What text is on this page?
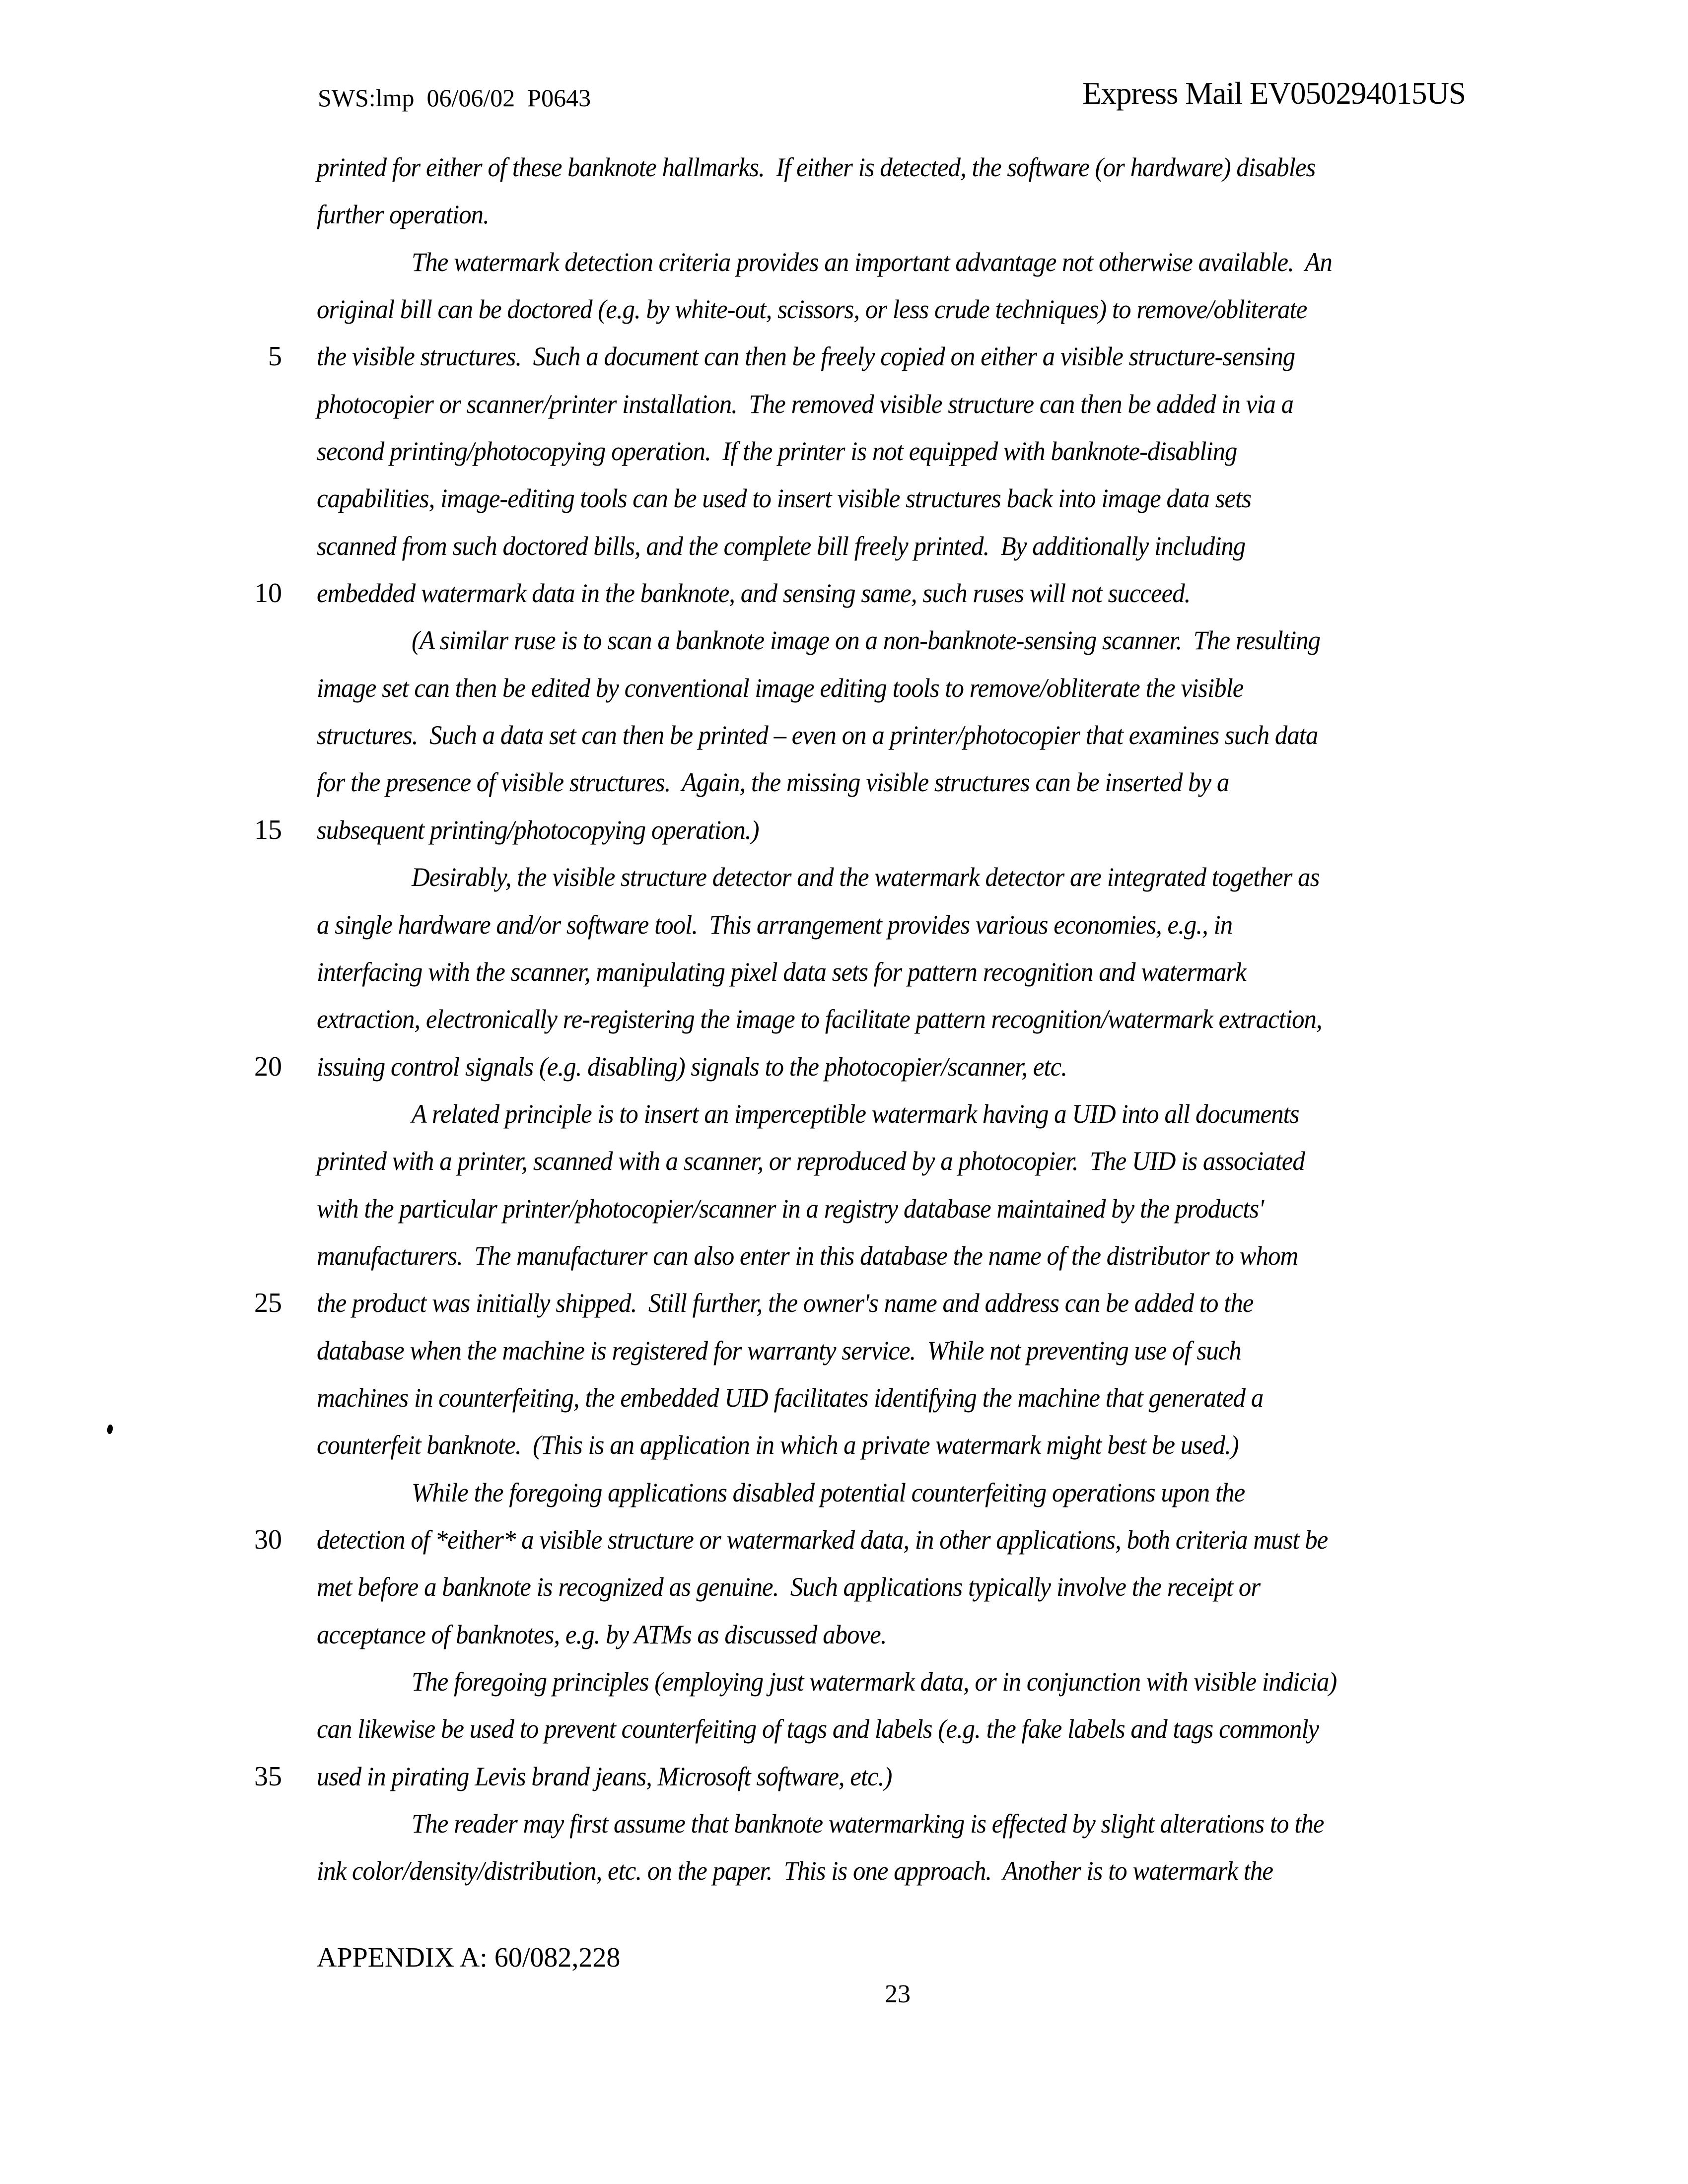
SWS:lmp  06/06/02  P0643	Express Mail EV050294015US
printed for either of these banknote hallmarks.  If either is detected, the software (or hardware) disables
further operation.
The watermark detection criteria provides an important advantage not otherwise available.  An
original bill can be doctored (e.g. by white-out, scissors, or less crude techniques) to remove/obliterate
5 the visible structures.  Such a document can then be freely copied on either a visible structure-sensing
photocopier or scanner/printer installation.  The removed visible structure can then be added in via a
second printing/photocopying operation.  If the printer is not equipped with banknote-disabling
capabilities, image-editing tools can be used to insert visible structures back into image data sets
scanned from such doctored bills, and the complete bill freely printed.  By additionally including
10 embedded watermark data in the banknote, and sensing same, such ruses will not succeed.
(A similar ruse is to scan a banknote image on a non-banknote-sensing scanner.  The resulting
image set can then be edited by conventional image editing tools to remove/obliterate the visible
structures.  Such a data set can then be printed – even on a printer/photocopier that examines such data
for the presence of visible structures.  Again, the missing visible structures can be inserted by a
15 subsequent printing/photocopying operation.)
Desirably, the visible structure detector and the watermark detector are integrated together as
a single hardware and/or software tool.  This arrangement provides various economies, e.g., in
interfacing with the scanner, manipulating pixel data sets for pattern recognition and watermark
extraction, electronically re-registering the image to facilitate pattern recognition/watermark extraction,
20 issuing control signals (e.g. disabling) signals to the photocopier/scanner, etc.
A related principle is to insert an imperceptible watermark having a UID into all documents
printed with a printer, scanned with a scanner, or reproduced by a photocopier.  The UID is associated
with the particular printer/photocopier/scanner in a registry database maintained by the products'
manufacturers.  The manufacturer can also enter in this database the name of the distributor to whom
25 the product was initially shipped.  Still further, the owner's name and address can be added to the
database when the machine is registered for warranty service.  While not preventing use of such
machines in counterfeiting, the embedded UID facilitates identifying the machine that generated a
counterfeit banknote.  (This is an application in which a private watermark might best be used.)
While the foregoing applications disabled potential counterfeiting operations upon the
30 detection of *either* a visible structure or watermarked data, in other applications, both criteria must be
met before a banknote is recognized as genuine.  Such applications typically involve the receipt or
acceptance of banknotes, e.g. by ATMs as discussed above.
The foregoing principles (employing just watermark data, or in conjunction with visible indicia)
can likewise be used to prevent counterfeiting of tags and labels (e.g. the fake labels and tags commonly
35 used in pirating Levis brand jeans, Microsoft software, etc.)
The reader may first assume that banknote watermarking is effected by slight alterations to the
ink color/density/distribution, etc. on the paper.  This is one approach.  Another is to watermark the
APPENDIX A: 60/082,228
23
